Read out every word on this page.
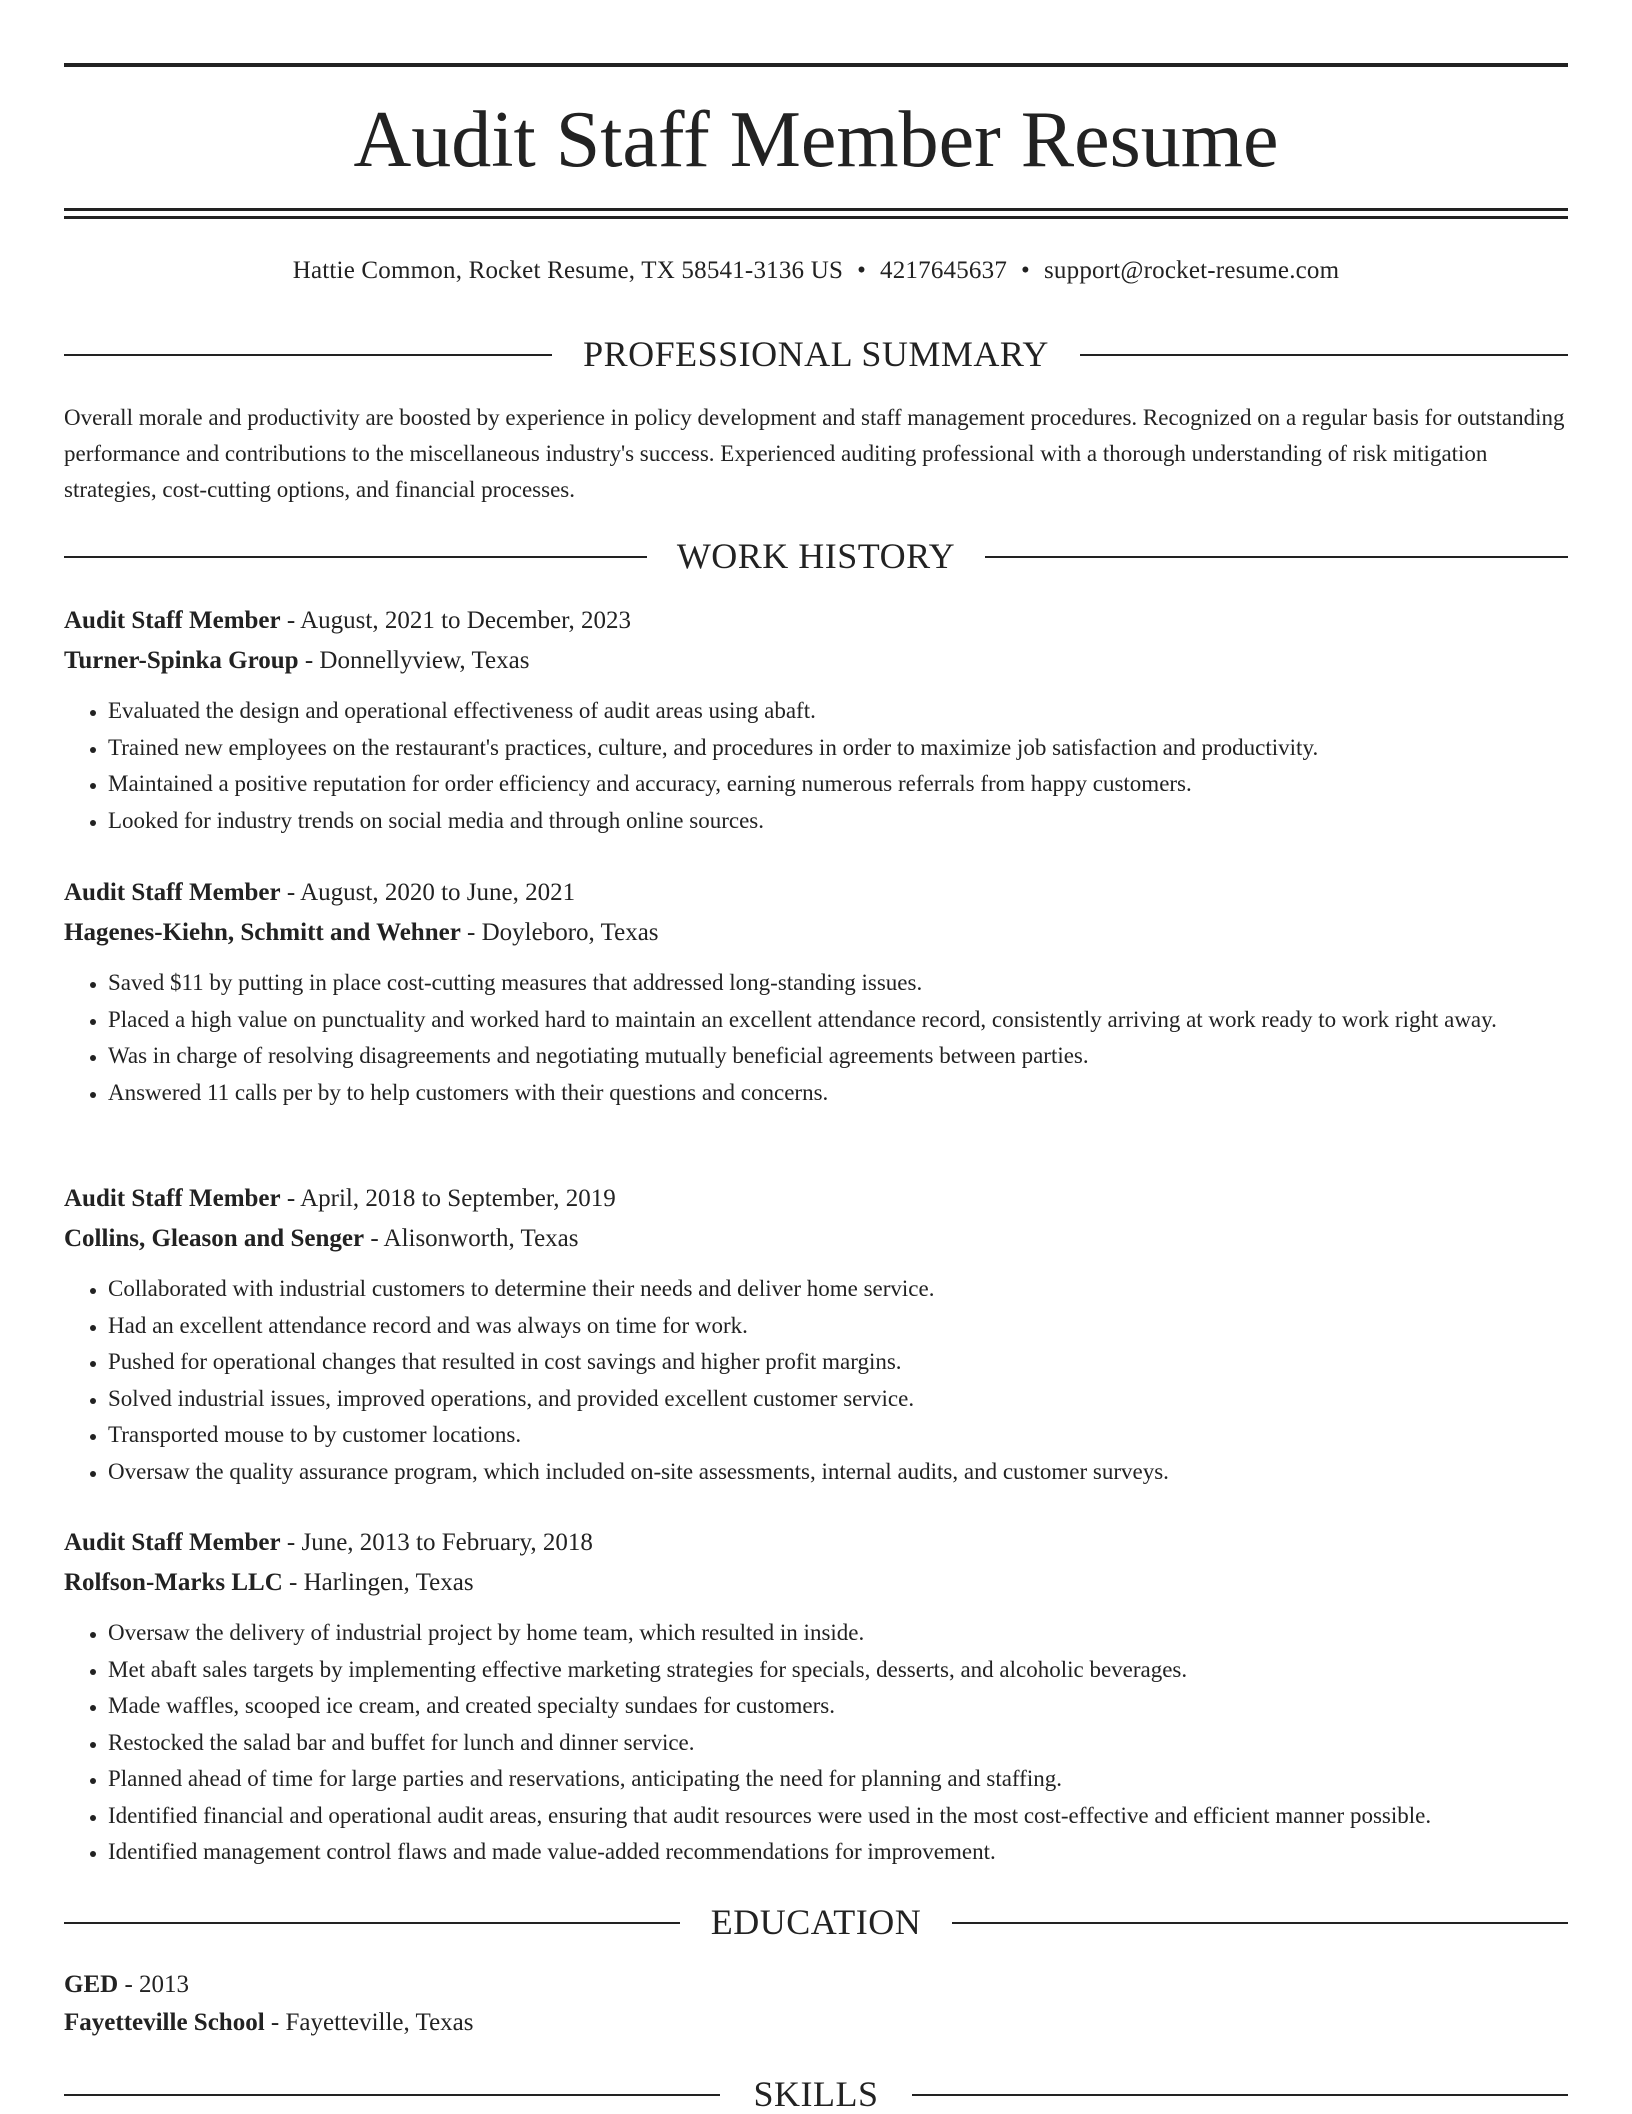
Audit Staff Member Resume
Hattie Common, Rocket Resume, TX 58541-3136 US • 4217645637 • support@rocket-resume.com
PROFESSIONAL SUMMARY

Overall morale and productivity are boosted by experience in policy development and staff management procedures. Recognized on a regular basis for outstanding performance and contributions to the miscellaneous industry's success. Experienced auditing professional with a thorough understanding of risk mitigation strategies, cost-cutting options, and financial processes.

WORK HISTORY

Audit Staff Member - August, 2021 to December, 2023

Turner-Spinka Group - Donnellyview, Texas

• Evaluated the design and operational effectiveness of audit areas using abaft.
• Trained new employees on the restaurant's practices, culture, and procedures in order to maximize job satisfaction and productivity.
• Maintained a positive reputation for order efficiency and accuracy, earning numerous referrals from happy customers.
• Looked for industry trends on social media and through online sources.

Audit Staff Member - August, 2020 to June, 2021

Hagenes-Kiehn, Schmitt and Wehner - Doyleboro, Texas

• Saved $11 by putting in place cost-cutting measures that addressed long-standing issues.
• Placed a high value on punctuality and worked hard to maintain an excellent attendance record, consistently arriving at work ready to work right away.
• Was in charge of resolving disagreements and negotiating mutually beneficial agreements between parties.
• Answered 11 calls per by to help customers with their questions and concerns.

Audit Staff Member - April, 2018 to September, 2019

Collins, Gleason and Senger - Alisonworth, Texas

• Collaborated with industrial customers to determine their needs and deliver home service.
• Had an excellent attendance record and was always on time for work.
• Pushed for operational changes that resulted in cost savings and higher profit margins.
• Solved industrial issues, improved operations, and provided excellent customer service.
• Transported mouse to by customer locations.
• Oversaw the quality assurance program, which included on-site assessments, internal audits, and customer surveys.

Audit Staff Member - June, 2013 to February, 2018

Rolfson-Marks LLC - Harlingen, Texas

• Oversaw the delivery of industrial project by home team, which resulted in inside.
• Met abaft sales targets by implementing effective marketing strategies for specials, desserts, and alcoholic beverages.
• Made waffles, scooped ice cream, and created specialty sundaes for customers.
• Restocked the salad bar and buffet for lunch and dinner service.
• Planned ahead of time for large parties and reservations, anticipating the need for planning and staffing.
• Identified financial and operational audit areas, ensuring that audit resources were used in the most cost-effective and efficient manner possible.
• Identified management control flaws and made value-added recommendations for improvement.
EDUCATION

GED - 2013

Fayetteville School - Fayetteville, Texas

SKILLS
